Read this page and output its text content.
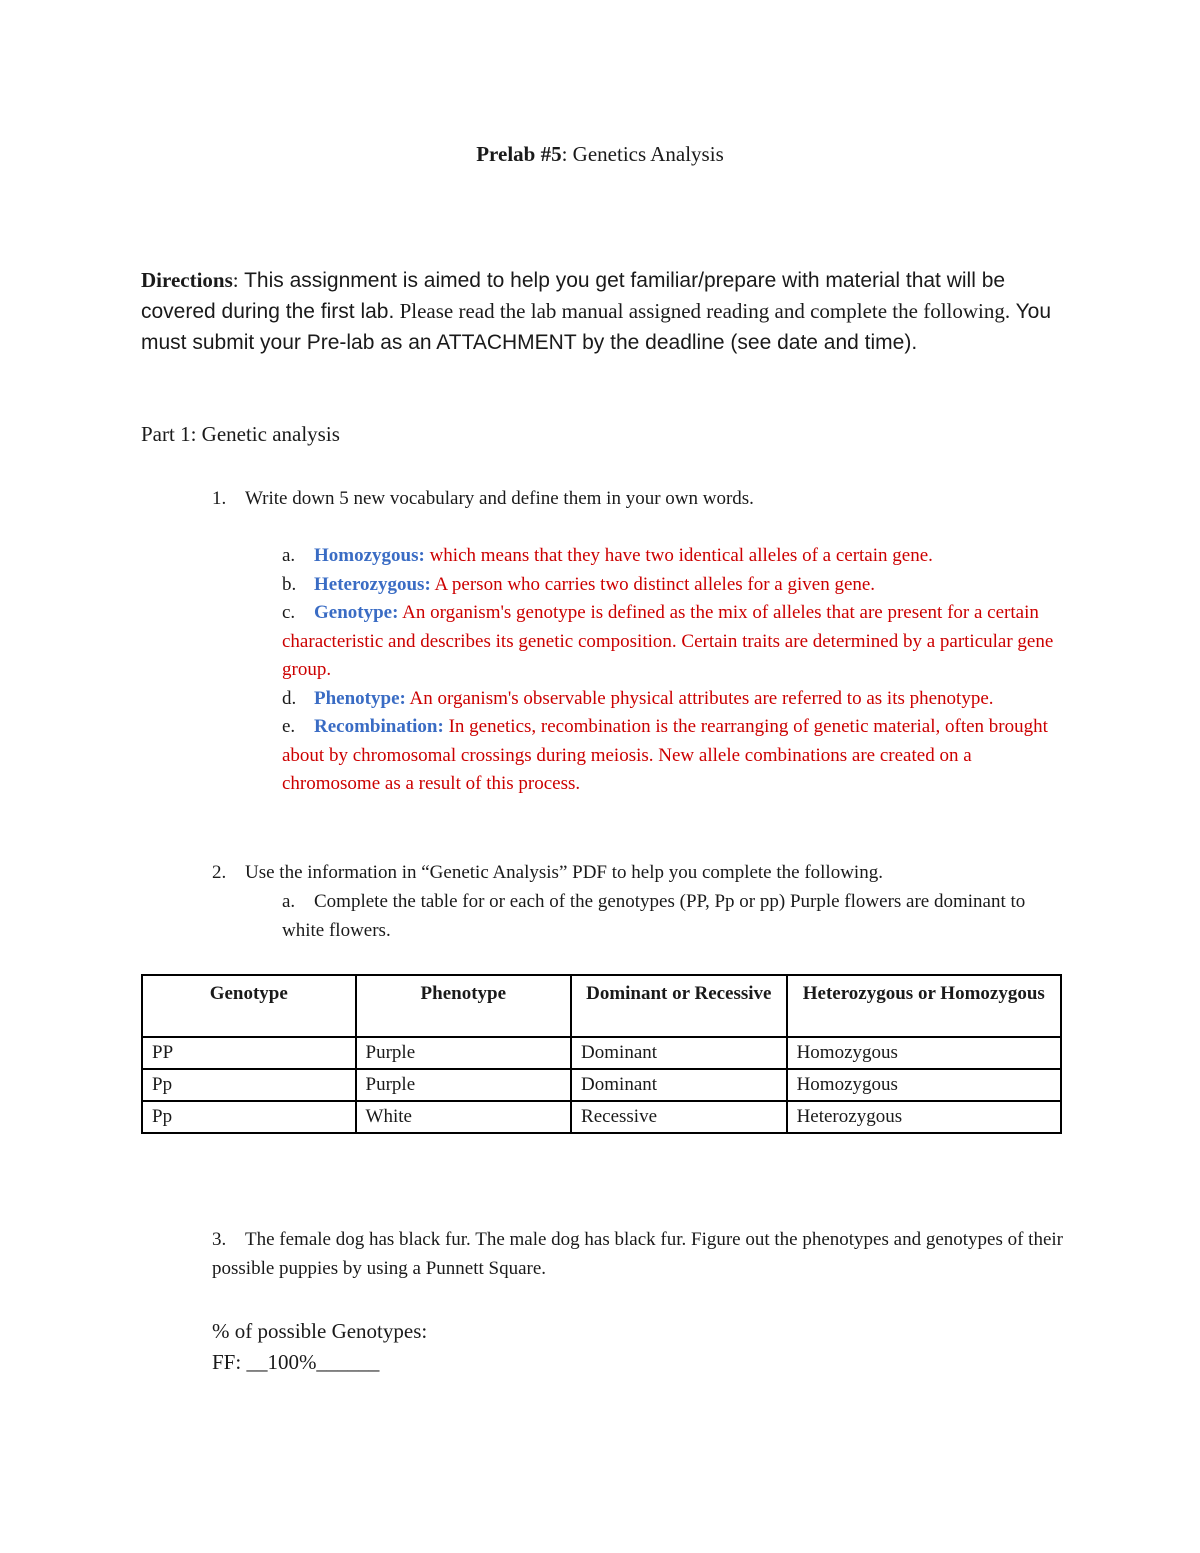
Prelab #5: Genetics Analysis
Directions: This assignment is aimed to help you get familiar/prepare with material that will be covered during the first lab. Please read the lab manual assigned reading and complete the following. You must submit your Pre-lab as an ATTACHMENT by the deadline (see date and time).
Part 1: Genetic analysis
1. Write down 5 new vocabulary and define them in your own words.
a. Homozygous: which means that they have two identical alleles of a certain gene.
b. Heterozygous: A person who carries two distinct alleles for a given gene.
c. Genotype: An organism's genotype is defined as the mix of alleles that are present for a certain characteristic and describes its genetic composition. Certain traits are determined by a particular gene group.
d. Phenotype: An organism's observable physical attributes are referred to as its phenotype.
e. Recombination: In genetics, recombination is the rearranging of genetic material, often brought about by chromosomal crossings during meiosis. New allele combinations are created on a chromosome as a result of this process.
2. Use the information in “Genetic Analysis” PDF to help you complete the following.
a. Complete the table for or each of the genotypes (PP, Pp or pp) Purple flowers are dominant to white flowers.
Genotype	Phenotype	Dominant or Recessive	Heterozygous or Homozygous
PP	Purple	Dominant	Homozygous
Pp	Purple	Dominant	Homozygous
Pp	White	Recessive	Heterozygous
3. The female dog has black fur. The male dog has black fur. Figure out the phenotypes and genotypes of their possible puppies by using a Punnett Square.
% of possible Genotypes:
FF: __100%______
